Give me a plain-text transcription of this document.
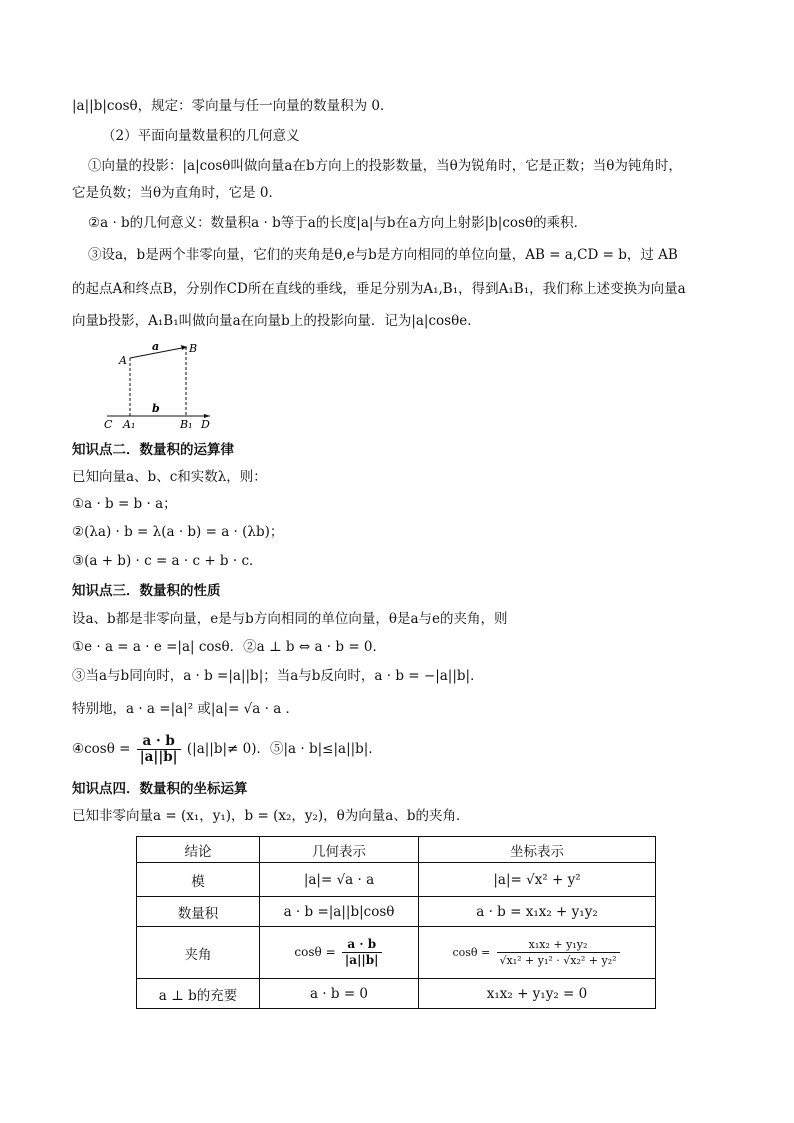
|a||b|cosθ，规定：零向量与任一向量的数量积为 0．
（2）平面向量数量积的几何意义
①向量的投影：|a|cosθ叫做向量a在b方向上的投影数量，当θ为锐角时，它是正数；当θ为钝角时，
它是负数；当θ为直角时，它是 0．
②a · b的几何意义：数量积a · b等于a的长度|a|与b在a方向上射影|b|cosθ的乘积．
③设a，b是两个非零向量，它们的夹角是θ,e与b是方向相同的单位向量，AB = a,CD = b，过 AB
的起点A和终点B，分别作CD所在直线的垂线，垂足分别为A₁,B₁，得到A₁B₁，我们称上述变换为向量a
向量b投影，A₁B₁叫做向量a在向量b上的投影向量．记为|a|cosθe．
A
a	B
b
C A₁	B₁ D
知识点二．数量积的运算律
已知向量a、b、c和实数λ，则：
①a · b = b · a；
②(λa) · b = λ(a · b) = a · (λb)；
③(a + b) · c = a · c + b · c．
知识点三．数量积的性质
设a、b都是非零向量，e是与b方向相同的单位向量，θ是a与e的夹角，则
①e · a = a · e =|a| cosθ．②a ⊥ b ⇔ a · b = 0．
③当a与b同向时，a · b =|a||b|；当a与b反向时，a · b = −|a||b|．
特别地，a · a =|a|² 或|a|= √a · a ．
④cosθ = $\frac{a \cdot b}{|a||b|} (|a||b|\ne 0)$．⑤|a · b|≤|a||b|．
知识点四．数量积的坐标运算
已知非零向量a = (x₁，y₁)，b = (x₂，y₂)，θ为向量a、b的夹角．
结论	几何表示	坐标表示
模	|a|= √a · a	|a|= √x² + y²
数量积	a · b =|a||b|cosθ	a · b = x₁x₂ + y₁y₂
夹角	$\cos\theta = \frac{a \cdot b}{|a||b|}$	$\cos\theta = \frac{\text{x₁x₂ + y₁y₂}}{\text{√x₁² + y₁² · √x₂² + y₂²}}$

a ⊥ b的充要	a · b = 0	x₁x₂ + y₁y₂ = 0
